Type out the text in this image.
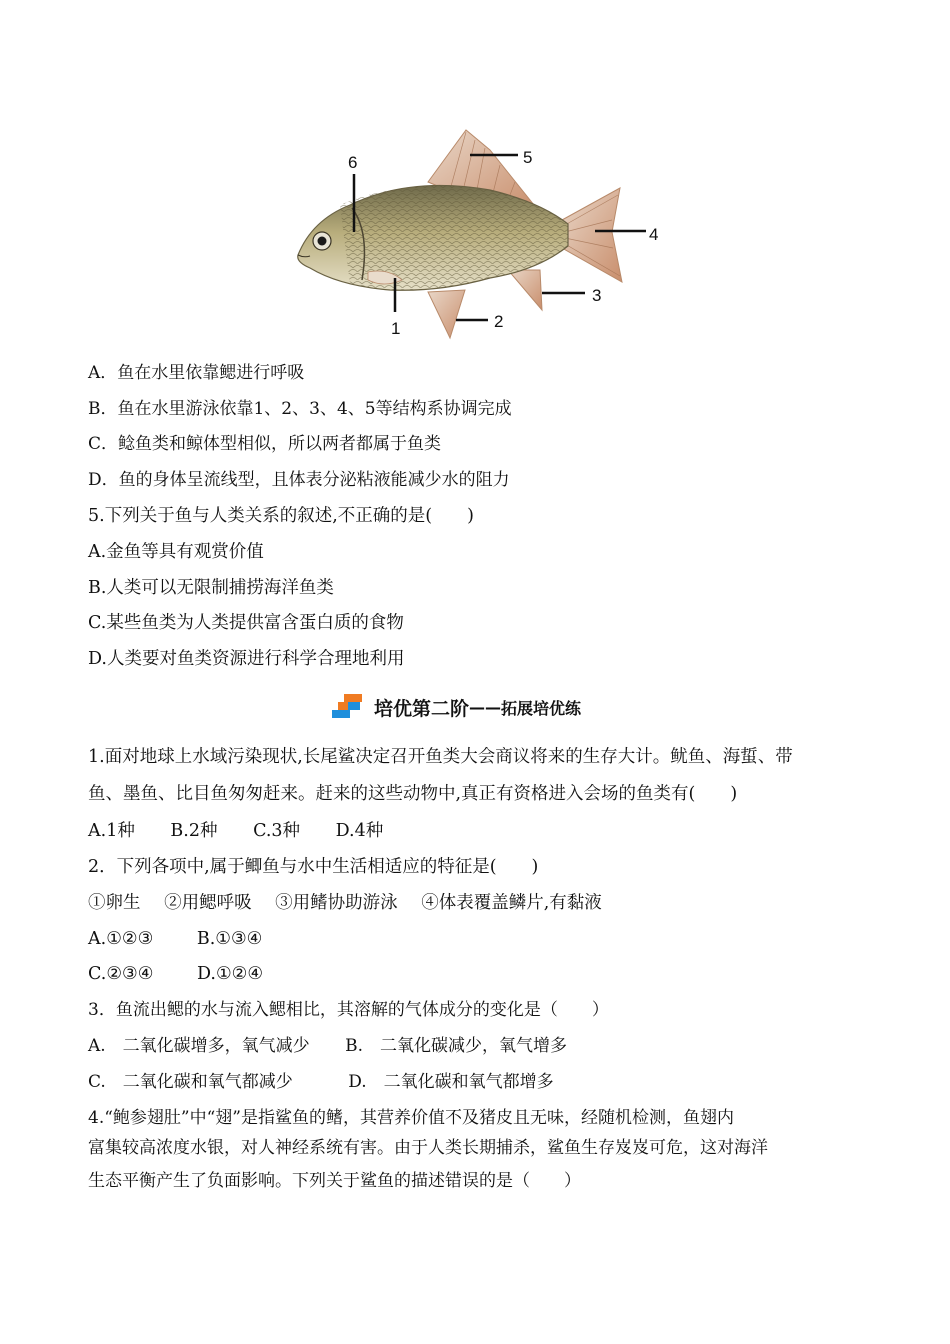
1	2
3
4
5
6
A．鱼在水里依靠鳃进行呼吸
B．鱼在水里游泳依靠1、2、3、4、5等结构系协调完成
C．鲶鱼类和鲸体型相似，所以两者都属于鱼类
D．鱼的身体呈流线型，且体表分泌粘液能减少水的阻力
5.下列关于鱼与人类关系的叙述,不正确的是(　　)
A.金鱼等具有观赏价值
B.人类可以无限制捕捞海洋鱼类
C.某些鱼类为人类提供富含蛋白质的食物
D.人类要对鱼类资源进行科学合理地利用
培优第二阶 —— 拓展培优练
1.面对地球上水域污染现状,长尾鲨决定召开鱼类大会商议将来的生存大计。鱿鱼、海蜇、带
鱼、墨鱼、比目鱼匆匆赶来。赶来的这些动物中,真正有资格进入会场的鱼类有(　　)
A.1种 B.2种 C.3种 D.4种
2．下列各项中,属于鲫鱼与水中生活相适应的特征是(　　)
①卵生 ②用鳃呼吸 ③用鳍协助游泳 ④体表覆盖鳞片,有黏液
A.①②③ B.①③④
C.②③④ D.①②④
3．鱼流出鳃的水与流入鳃相比，其溶解的气体成分的变化是（　　）
A.　二氧化碳增多，氧气减少 B.　二氧化碳减少，氧气增多
C.　二氧化碳和氧气都减少	D.　二氧化碳和氧气都增多
4.“鲍参翅肚”中“翅”是指鲨鱼的鳍，其营养价值不及猪皮且无味，经随机检测，鱼翅内
富集较高浓度水银，对人神经系统有害。由于人类长期捕杀，鲨鱼生存岌岌可危，这对海洋
生态平衡产生了负面影响。下列关于鲨鱼的描述错误的是（　　）
